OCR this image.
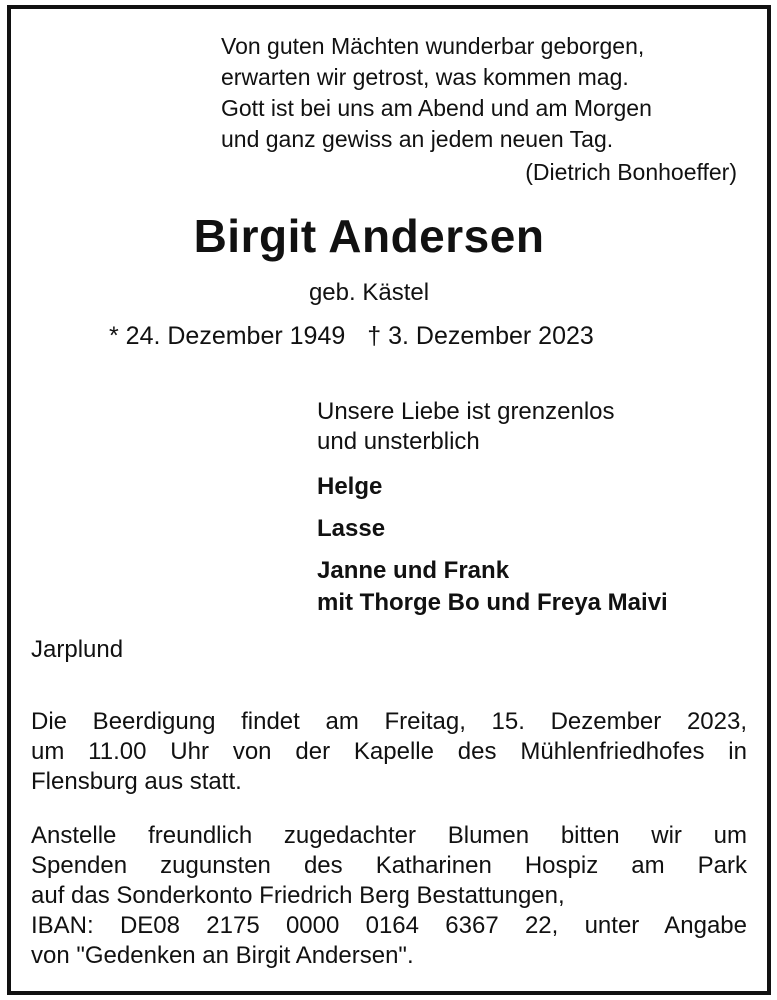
Von guten Mächten wunderbar geborgen,
erwarten wir getrost, was kommen mag.
Gott ist bei uns am Abend und am Morgen
und ganz gewiss an jedem neuen Tag.
(Dietrich Bonhoeffer)
Birgit Andersen
geb. Kästel
* 24. Dezember 1949 † 3. Dezember 2023
Unsere Liebe ist grenzenlos
und unsterblich
Helge
Lasse
Janne und Frank
mit Thorge Bo und Freya Maivi
Jarplund
Die Beerdigung findet am Freitag, 15. Dezember 2023,
um 11.00 Uhr von der Kapelle des Mühlenfriedhofes in
Flensburg aus statt.
Anstelle freundlich zugedachter Blumen bitten wir um
Spenden zugunsten des Katharinen Hospiz am Park
auf das Sonderkonto Friedrich Berg Bestattungen,
IBAN: DE08 2175 0000 0164 6367 22, unter Angabe
von "Gedenken an Birgit Andersen".
